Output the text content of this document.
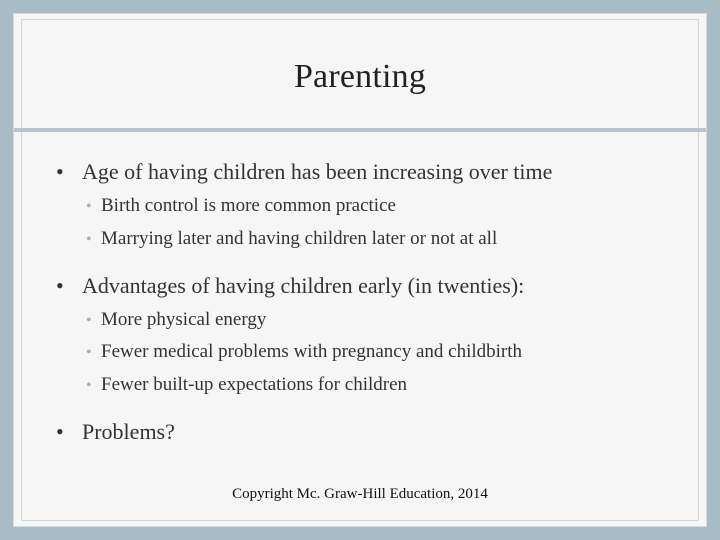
Parenting
• Age of having children has been increasing over time
• Birth control is more common practice
• Marrying later and having children later or not at all
• Advantages of having children early (in twenties):
• More physical energy
• Fewer medical problems with pregnancy and childbirth
• Fewer built-up expectations for children
• Problems?
Copyright Mc. Graw-Hill Education, 2014
